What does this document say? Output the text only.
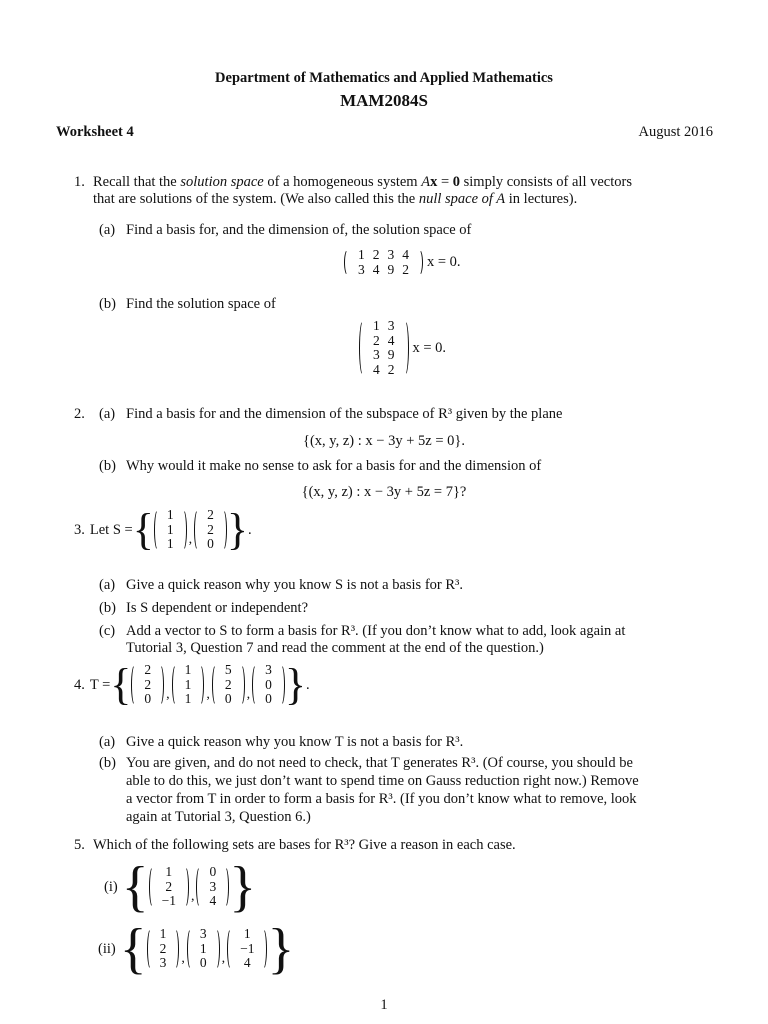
Department of Mathematics and Applied Mathematics
MAM2084S
Worksheet 4	August 2016
1. Recall that the solution space of a homogeneous system Ax = 0 simply consists of all vectors
that are solutions of the system. (We also called this the null space of A in lectures).
(a) Find a basis for, and the dimension of, the solution space of
1	2	3	4
3	4	9	2 x = 0.
(b) Find the solution space of
1	3
2	4
3	9
4	2
x = 0.
2. (a) Find a basis for and the dimension of the subspace of R³ given by the plane
{(x, y, z) : x − 3y + 5z = 0}.
(b) Why would it make no sense to ask for a basis for and the dimension of
{(x, y, z) : x − 3y + 5z = 7}?
3. Let S = { 1
1
1 ,
2
2
0 } .
(a) Give a quick reason why you know S is not a basis for R³.
(b) Is S dependent or independent?
(c) Add a vector to S to form a basis for R³. (If you don’t know what to add, look again at
Tutorial 3, Question 7 and read the comment at the end of the question.)
4. T = { 2
2
0 ,
1
1
1 ,
5
2
0 ,
3
0
0 } .
(a) Give a quick reason why you know T is not a basis for R³.
(b) You are given, and do not need to check, that T generates R³. (Of course, you should be
able to do this, we just don’t want to spend time on Gauss reduction right now.) Remove
a vector from T in order to form a basis for R³. (If you don’t know what to remove, look
again at Tutorial 3, Question 6.)
5. Which of the following sets are bases for R³? Give a reason in each case.
(i) { 1
2
−1 ,
0
3
4 }
(ii) { 1
2
3 ,
3
1
0 ,
1
−1
4 }
1
